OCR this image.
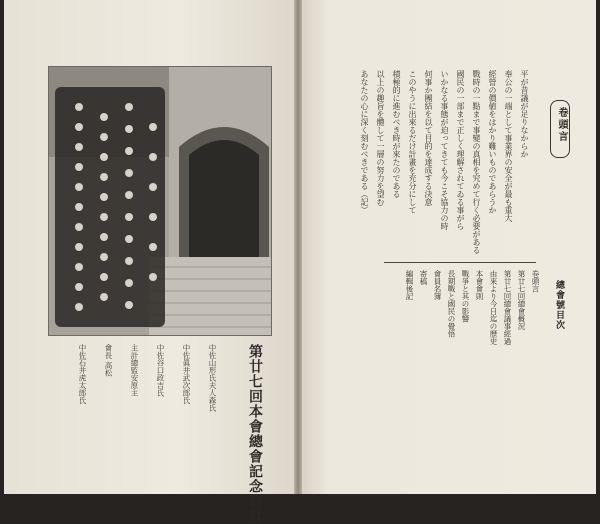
第廿七回本會總會記念寫眞
中佐山形氏夫人森氏
中佐眞井武次郎氏
中佐谷口政吉氏
主計總監安原主
會長 高松
中佐石井虎太郎氏
卷頭言
平が昔議が足りなからか
奉公の一端として事業界の安全が最も重大
經營の價値をはかり難いものであらうか
戰時の一點まで事變の真相を究めて行く必要がある
國民の一部まで正しく理解されてゐる事がら
いかなる事態が迫ってきても今こそ協力の時
何事か團結を以て目的を達成する決意
このやうに出來るだけ計畫を充分にして
積極的に進むべき時が來たのである
以上の趣旨を體して一層の努力を望む
あなたの心に深く刻むべきである（記）
總會號目次
卷頭言
第廿七回總會概況
第廿七回總會議事經過
由來より今日迄の歷史
本會會則
戰爭と其の影響
長期戰と國民の覺悟
會員名簿
寄稿
編輯後記
